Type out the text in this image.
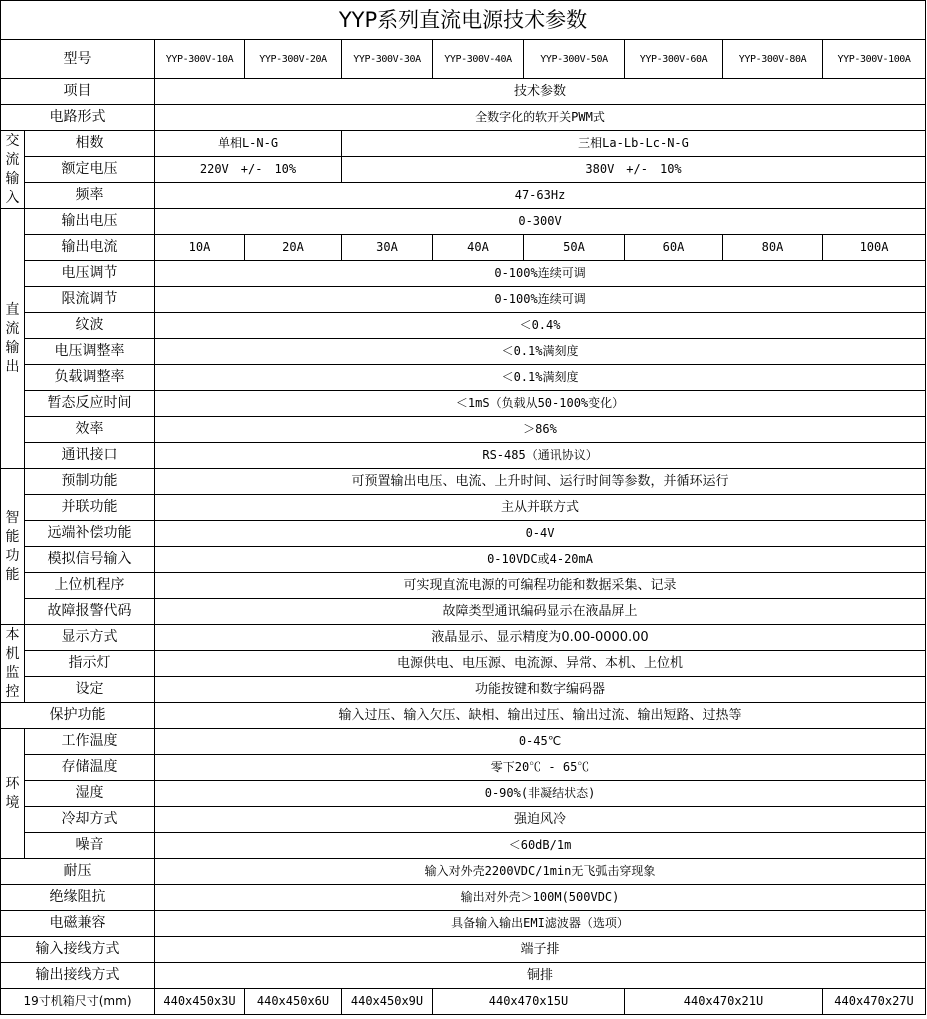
YYP系列直流电源技术参数									
型号		YYP-300V-10A	YYP-300V-20A	YYP-300V-30A	YYP-300V-40A	YYP-300V-50A	YYP-300V-60A	YYP-300V-80A	YYP-300V-100A
项目		技术参数							
电路形式		全数字化的软开关PWM式							
交流输入	相数	单相L-N-G		三相La-Lb-Lc-N-G					
	额定电压	220V　+/-　10%		380V　+/-　10%					
	频率	47-63Hz							
直流输出	输出电压	0-300V							
	输出电流	10A	20A	30A	40A	50A	60A	80A	100A
	电压调节	0-100%连续可调							
	限流调节	0-100%连续可调							
	纹波	＜0.4%							
	电压调整率	＜0.1%满刻度							
	负载调整率	＜0.1%满刻度							
	暂态反应时间	＜1mS（负载从50-100%变化）							
	效率	＞86%							
	通讯接口	RS-485（通讯协议）							
智能功能	预制功能	可预置输出电压、电流、上升时间、运行时间等参数，并循环运行							
	并联功能	主从并联方式							
	远端补偿功能	0-4V							
	模拟信号输入	0-10VDC或4-20mA							
	上位机程序	可实现直流电源的可编程功能和数据采集、记录							
	故障报警代码	故障类型通讯编码显示在液晶屏上							
本机监控	显示方式	液晶显示、显示精度为0.00-0000.00							
	指示灯	电源供电、电压源、电流源、异常、本机、上位机							
	设定	功能按键和数字编码器							
保护功能		输入过压、输入欠压、缺相、输出过压、输出过流、输出短路、过热等							
环境	工作温度	0-45℃							
	存储温度	零下20℃ - 65℃							
	湿度	0-90%(非凝结状态)							
	冷却方式	强迫风冷							
	噪音	＜60dB/1m							
耐压		输入对外壳2200VDC/1min无飞弧击穿现象							
绝缘阻抗		输出对外壳＞100M(500VDC)							
电磁兼容		具备输入输出EMI滤波器（选项）							
输入接线方式		端子排							
输出接线方式		铜排							
19寸机箱尺寸(mm)		440x450x3U	440x450x6U	440x450x9U	440x470x15U		440x470x21U		440x470x27U
